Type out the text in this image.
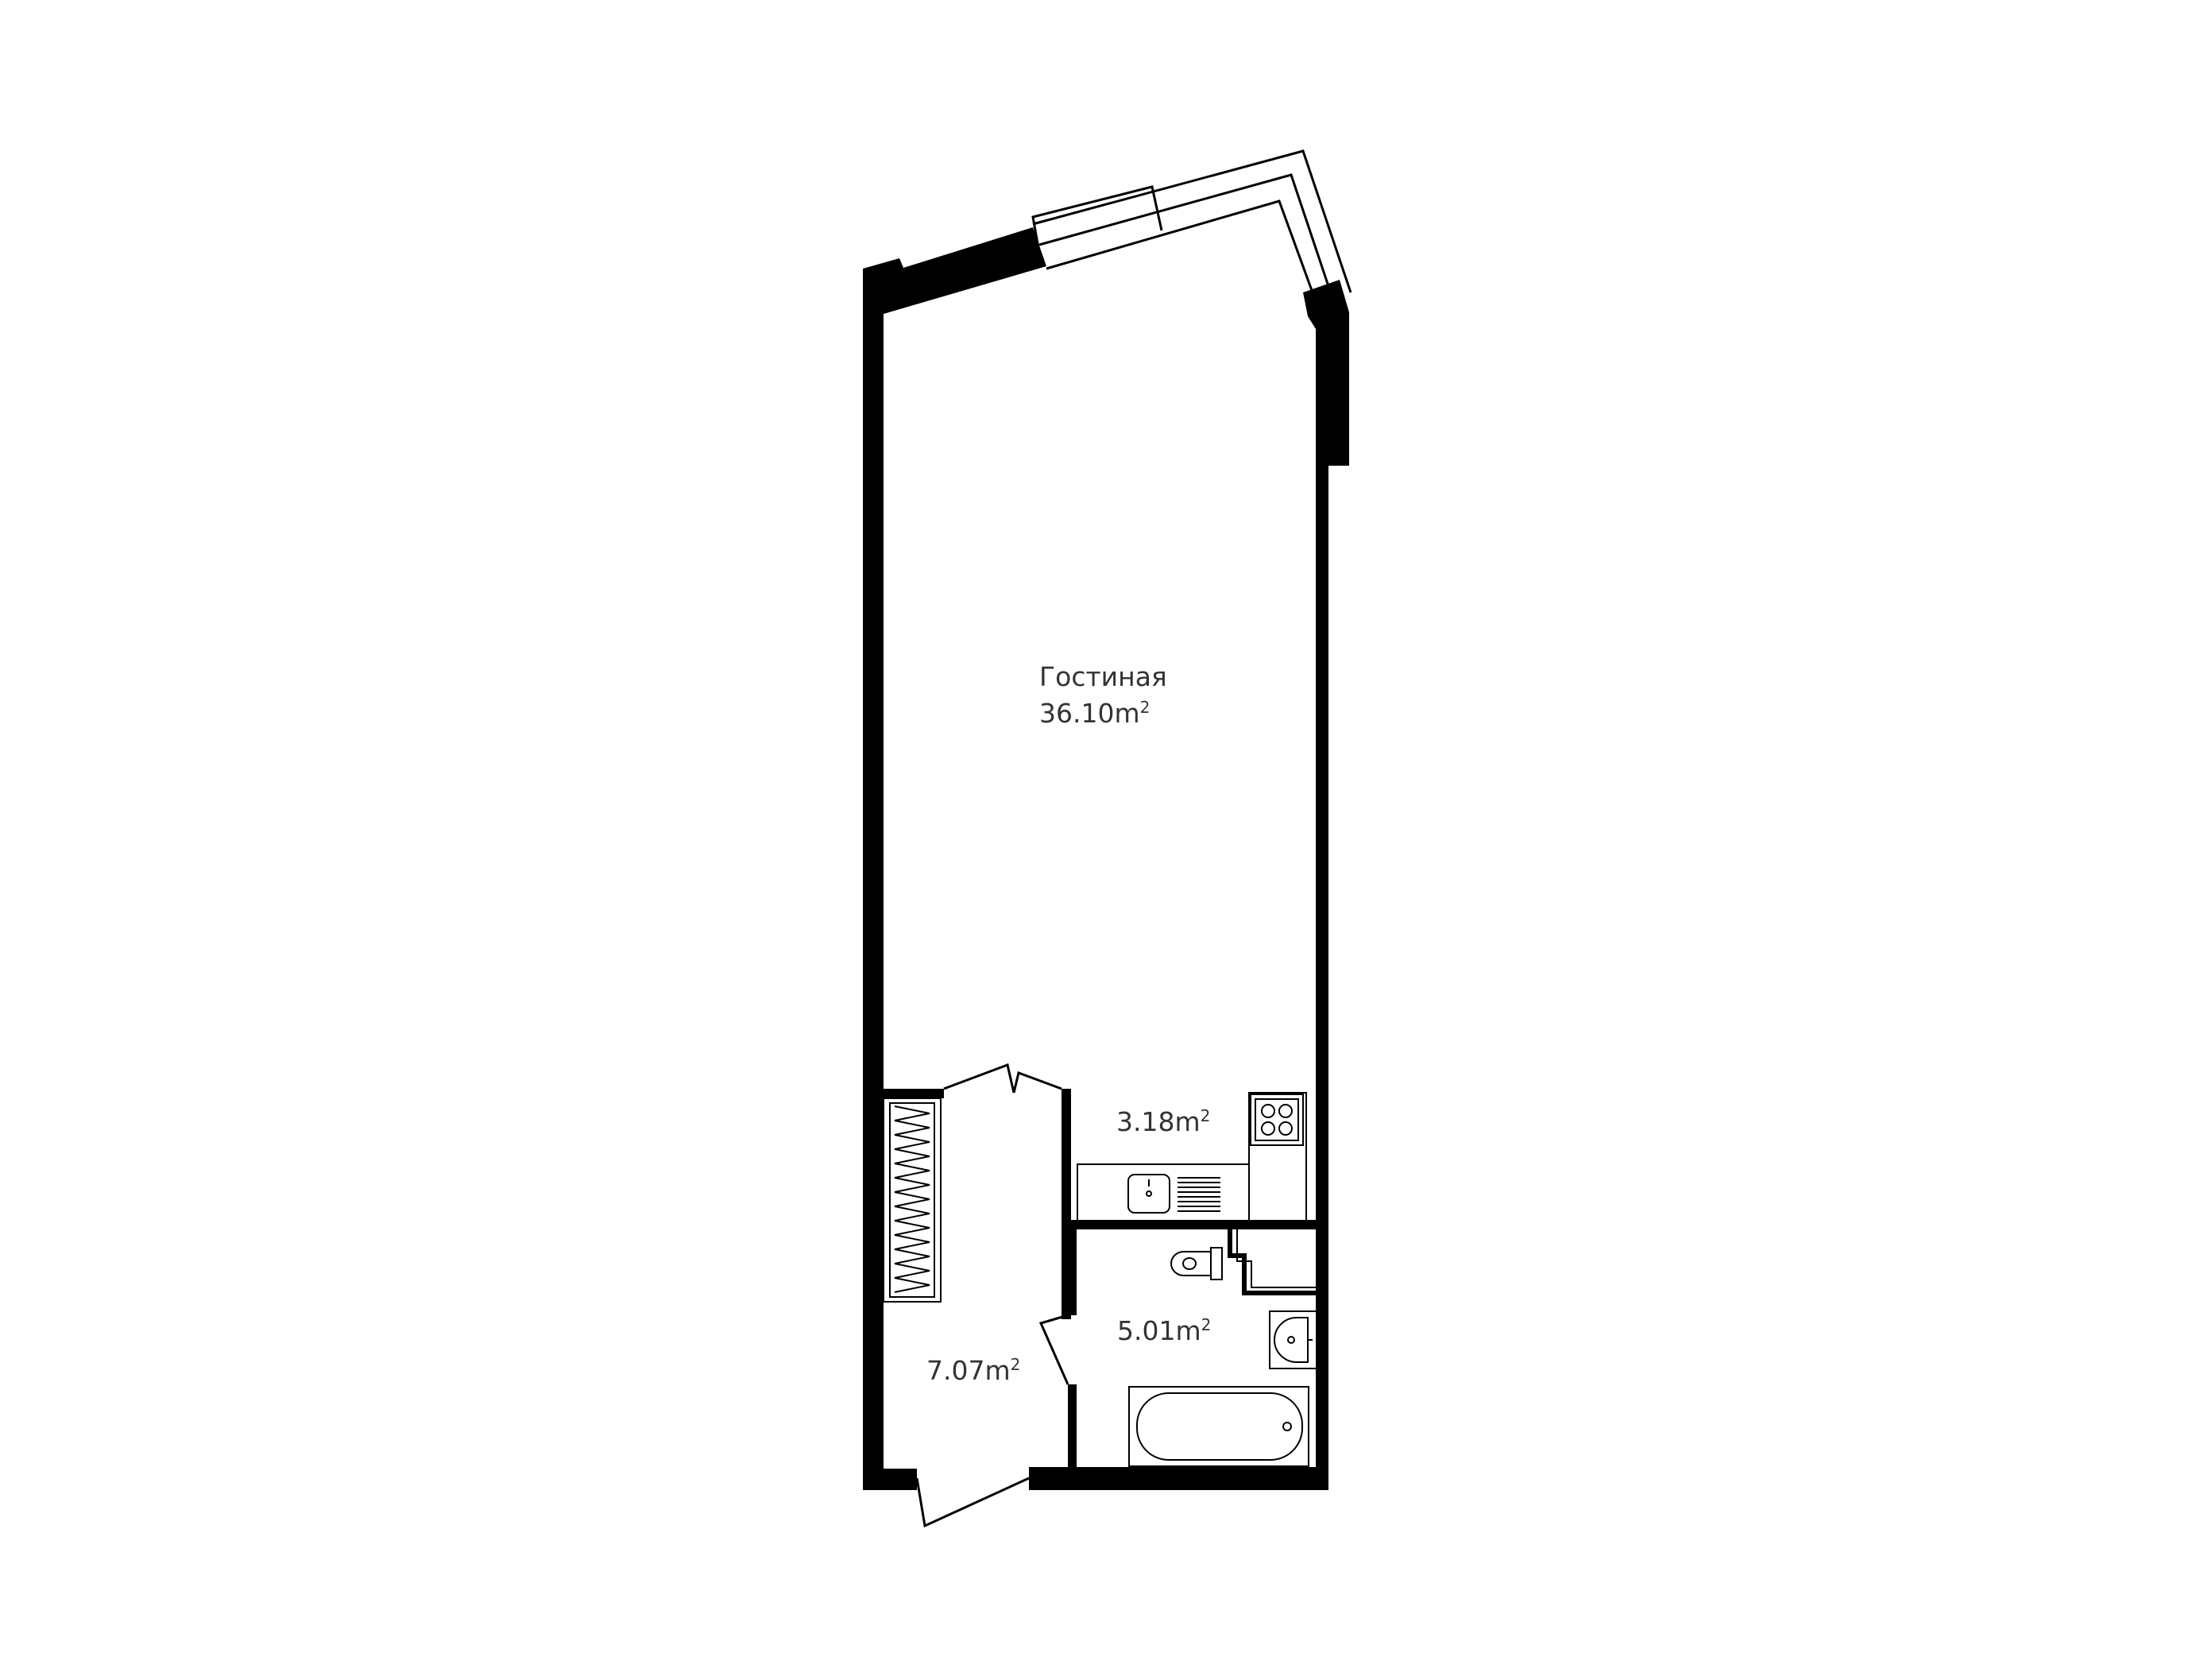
Гостиная
$36.10m^2$
$3.18m^2$
$7.07m^2$
$5.01m^2$
